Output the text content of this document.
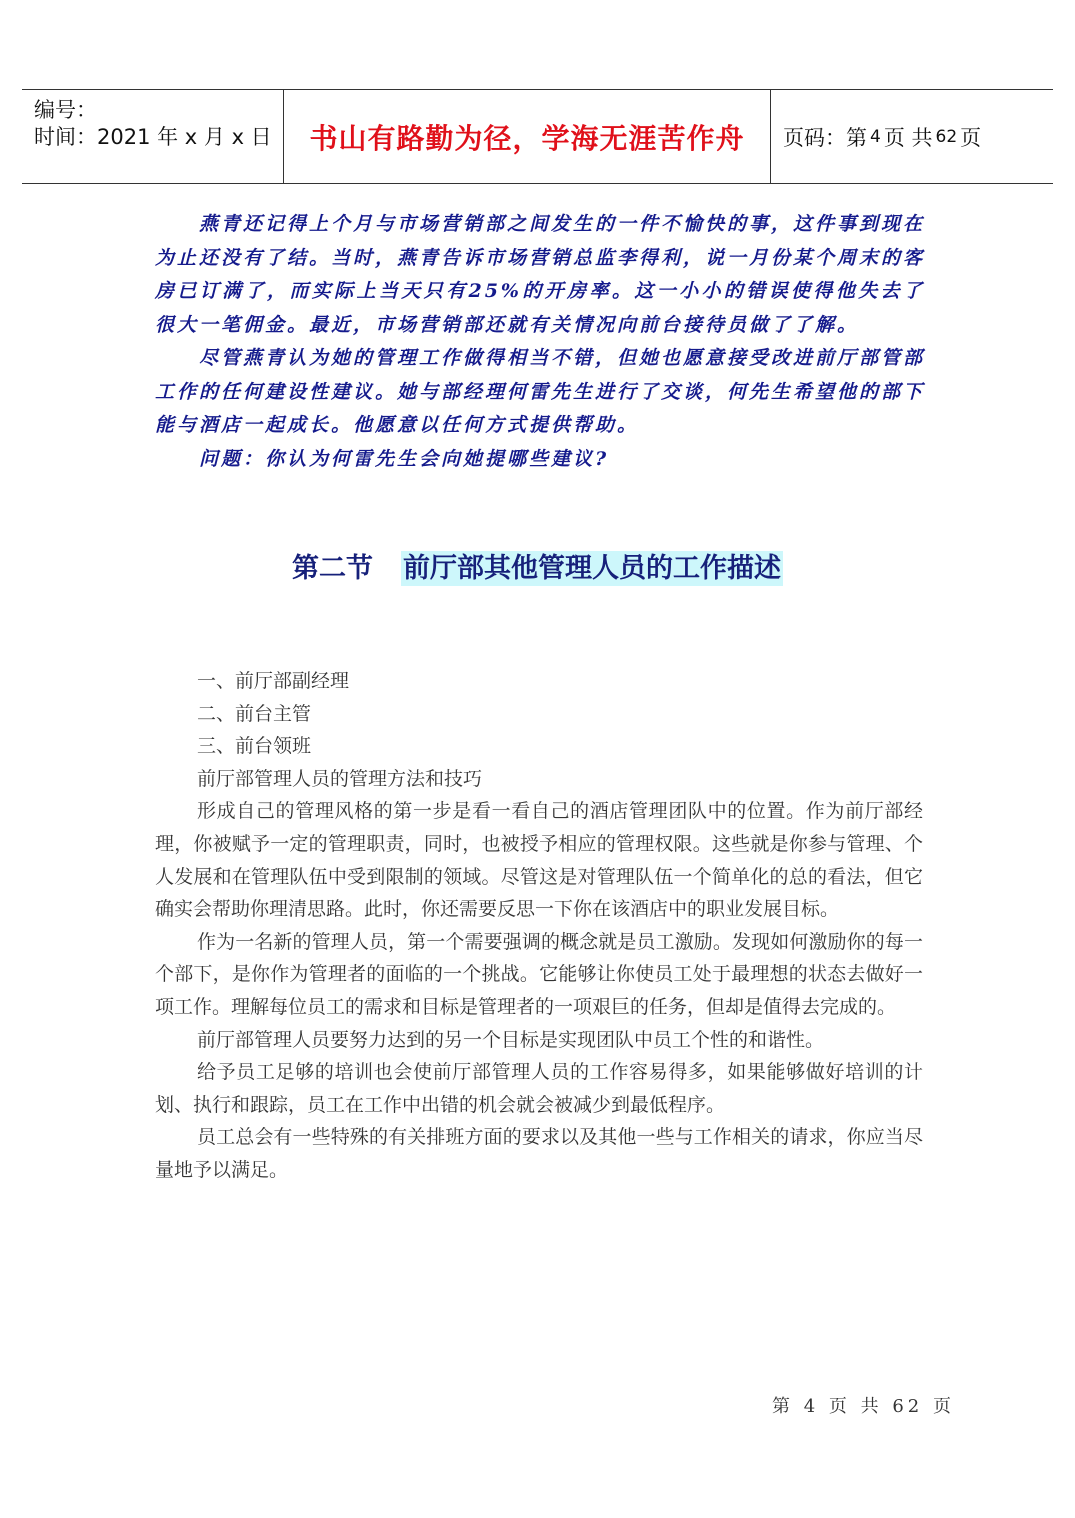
编号：
时间：2021 年 x 月 x 日 书山有路勤为径，学海无涯苦作舟 页码：第 4 页 共 62 页

燕青还记得上个月与市场营销部之间发生的一件不愉快的事，这件事到现在为止还没有了结。当时，燕青告诉市场营销总监李得利，说一月份某个周末的客房已订满了，而实际上当天只有25%的开房率。这一小小的错误使得他失去了很大一笔佣金。最近，市场营销部还就有关情况向前台接待员做了了解。

尽管燕青认为她的管理工作做得相当不错，但她也愿意接受改进前厅部管部工作的任何建设性建议。她与部经理何雷先生进行了交谈，何先生希望他的部下能与酒店一起成长。他愿意以任何方式提供帮助。

问题：你认为何雷先生会向她提哪些建议?

第二节 前厅部其他管理人员的工作描述

一、前厅部副经理

二、前台主管

三、前台领班

前厅部管理人员的管理方法和技巧

形成自己的管理风格的第一步是看一看自己的酒店管理团队中的位置。作为前厅部经理，你被赋予一定的管理职责，同时，也被授予相应的管理权限。这些就是你参与管理、个人发展和在管理队伍中受到限制的领域。尽管这是对管理队伍一个简单化的总的看法，但它确实会帮助你理清思路。此时，你还需要反思一下你在该酒店中的职业发展目标。

作为一名新的管理人员，第一个需要强调的概念就是员工激励。发现如何激励你的每一个部下，是你作为管理者的面临的一个挑战。它能够让你使员工处于最理想的状态去做好一项工作。理解每位员工的需求和目标是管理者的一项艰巨的任务，但却是值得去完成的。

前厅部管理人员要努力达到的另一个目标是实现团队中员工个性的和谐性。

给予员工足够的培训也会使前厅部管理人员的工作容易得多，如果能够做好培训的计划、执行和跟踪，员工在工作中出错的机会就会被减少到最低程序。

员工总会有一些特殊的有关排班方面的要求以及其他一些与工作相关的请求，你应当尽量地予以满足。

第 4 页 共 62 页
